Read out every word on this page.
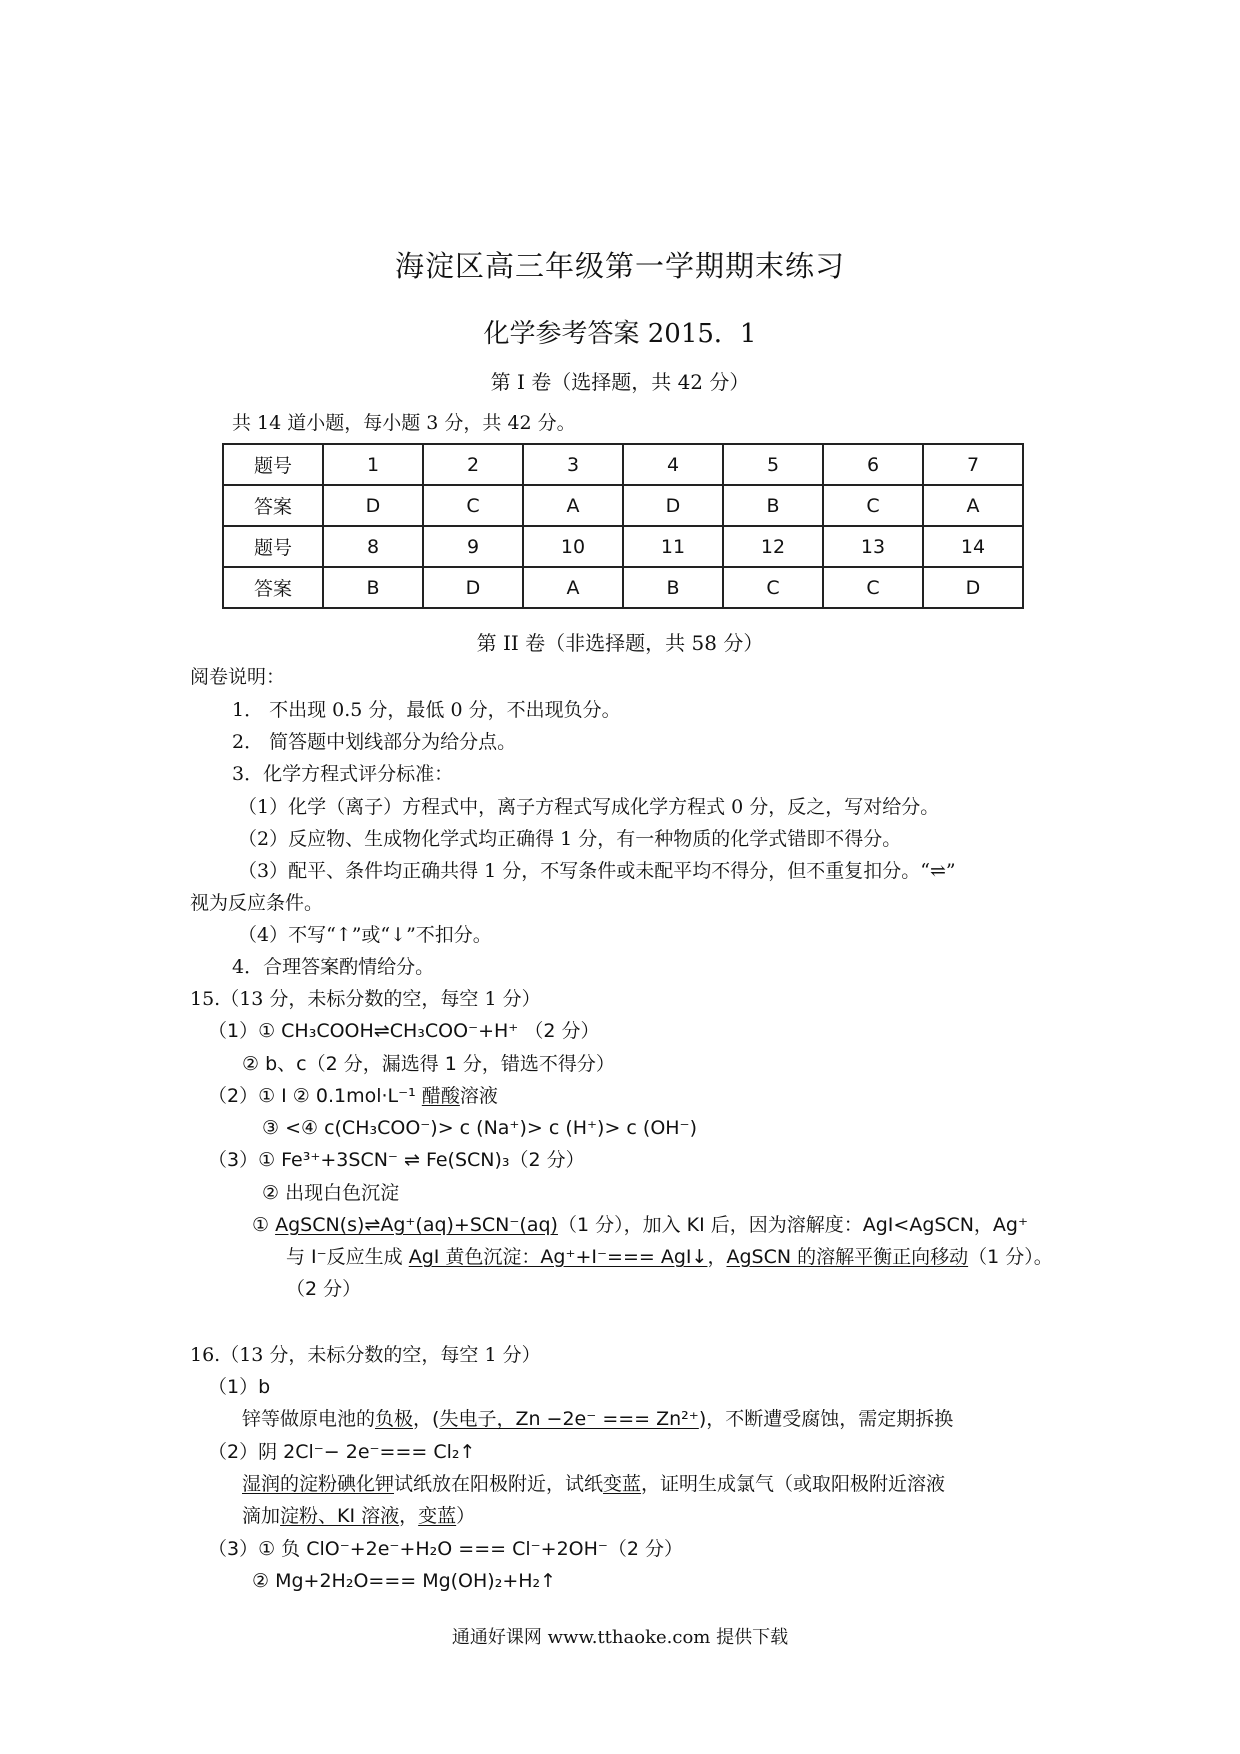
海淀区高三年级第一学期期末练习
化学参考答案 2015．1
第 I 卷（选择题，共 42 分）
共 14 道小题，每小题 3 分，共 42 分。
题号	1	2	3	4	5	6	7
答案	D	C	A	D	B	C	A
题号	8	9	10	11	12	13	14
答案	B	D	A	B	C	C	D
第 II 卷（非选择题，共 58 分）
阅卷说明：
1． 不出现 0.5 分，最低 0 分，不出现负分。
2． 简答题中划线部分为给分点。
3．化学方程式评分标准：
（1）化学（离子）方程式中，离子方程式写成化学方程式 0 分，反之，写对给分。
（2）反应物、生成物化学式均正确得 1 分，有一种物质的化学式错即不得分。
（3）配平、条件均正确共得 1 分，不写条件或未配平均不得分，但不重复扣分。“⇌”
视为反应条件。
（4）不写“↑”或“↓”不扣分。
4．合理答案酌情给分。
15.（13 分，未标分数的空，每空 1 分）
（1）① CH₃COOH⇌CH₃COO⁻+H⁺ （2 分）
② b、c（2 分，漏选得 1 分，错选不得分）
（2）① I ② 0.1mol·L⁻¹ 醋酸溶液
③ <④ c(CH₃COO⁻)> c (Na⁺)> c (H⁺)> c (OH⁻)
（3）① Fe³⁺+3SCN⁻ ⇌ Fe(SCN)₃（2 分）
② 出现白色沉淀
① AgSCN(s)⇌Ag⁺(aq)+SCN⁻(aq)（1 分），加入 KI 后，因为溶解度：AgI<AgSCN，Ag⁺
与 I⁻反应生成 AgI 黄色沉淀：Ag⁺+I⁻=== AgI↓，AgSCN 的溶解平衡正向移动（1 分）。
（2 分）
16.（13 分，未标分数的空，每空 1 分）
（1）b
锌等做原电池的负极，(失电子，Zn −2e⁻ === Zn²⁺)，不断遭受腐蚀，需定期拆换
（2）阴 2Cl⁻− 2e⁻=== Cl₂↑
湿润的淀粉碘化钾试纸放在阳极附近，试纸变蓝，证明生成氯气（或取阳极附近溶液
滴加淀粉、KI 溶液，变蓝）
（3）① 负 ClO⁻+2e⁻+H₂O === Cl⁻+2OH⁻（2 分）
② Mg+2H₂O=== Mg(OH)₂+H₂↑
通通好课网 www.tthaoke.com 提供下载
